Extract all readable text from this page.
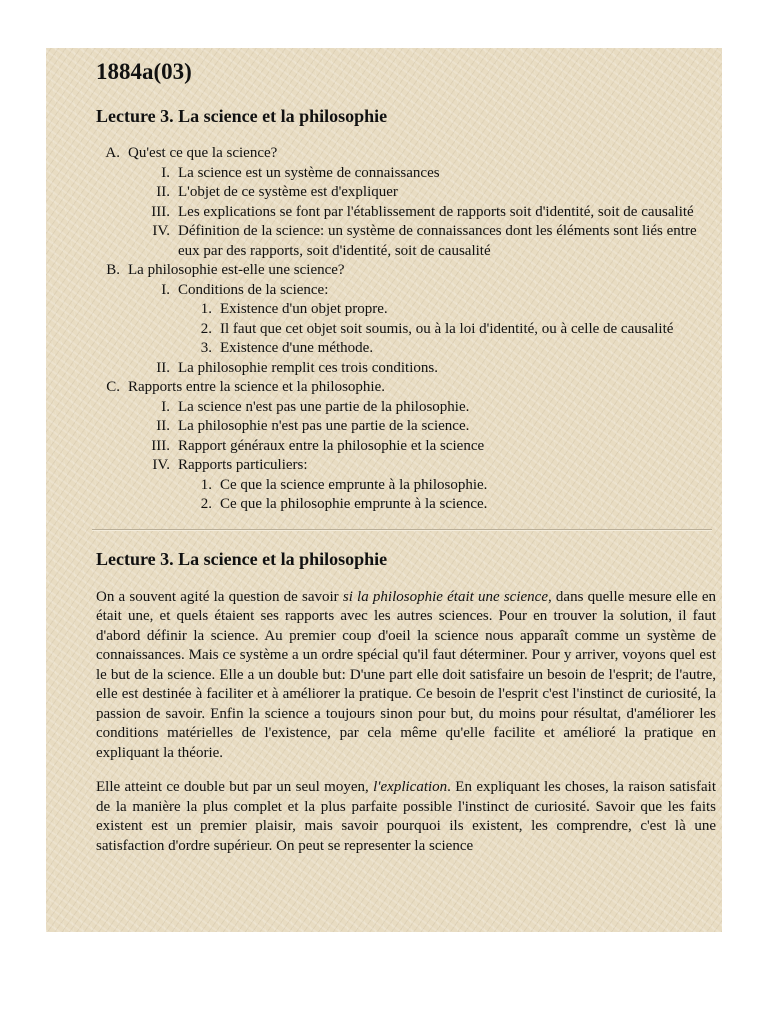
1884a(03)
Lecture 3. La science et la philosophie
A. Qu'est ce que la science?
I. La science est un système de connaissances
II. L'objet de ce système est d'expliquer
III. Les explications se font par l'établissement de rapports soit d'identité, soit de causalité
IV. Définition de la science: un système de connaissances dont les éléments sont liés entre eux par des rapports, soit d'identité, soit de causalité
B. La philosophie est-elle une science?
I. Conditions de la science:
1. Existence d'un objet propre.
2. Il faut que cet objet soit soumis, ou à la loi d'identité, ou à celle de causalité
3. Existence d'une méthode.
II. La philosophie remplit ces trois conditions.
C. Rapports entre la science et la philosophie.
I. La science n'est pas une partie de la philosophie.
II. La philosophie n'est pas une partie de la science.
III. Rapport généraux entre la philosophie et la science
IV. Rapports particuliers:
1. Ce que la science emprunte à la philosophie.
2. Ce que la philosophie emprunte à la science.
Lecture 3. La science et la philosophie

On a souvent agité la question de savoir si la philosophie était une science, dans quelle mesure elle en était une, et quels étaient ses rapports avec les autres sciences. Pour en trouver la solution, il faut d'abord définir la science. Au premier coup d'oeil la science nous apparaît comme un système de connaissances. Mais ce système a un ordre spécial qu'il faut déterminer. Pour y arriver, voyons quel est le but de la science. Elle a un double but: D'une part elle doit satisfaire un besoin de l'esprit; de l'autre, elle est destinée à faciliter et à améliorer la pratique. Ce besoin de l'esprit c'est l'instinct de curiosité, la passion de savoir. Enfin la science a toujours sinon pour but, du moins pour résultat, d'améliorer les conditions matérielles de l'existence, par cela même qu'elle facilite et amélioré la pratique en expliquant la théorie.

Elle atteint ce double but par un seul moyen, l'explication. En expliquant les choses, la raison satisfait de la manière la plus complet et la plus parfaite possible l'instinct de curiosité. Savoir que les faits existent est un premier plaisir, mais savoir pourquoi ils existent, les comprendre, c'est là une satisfaction d'ordre supérieur. On peut se representer la science
